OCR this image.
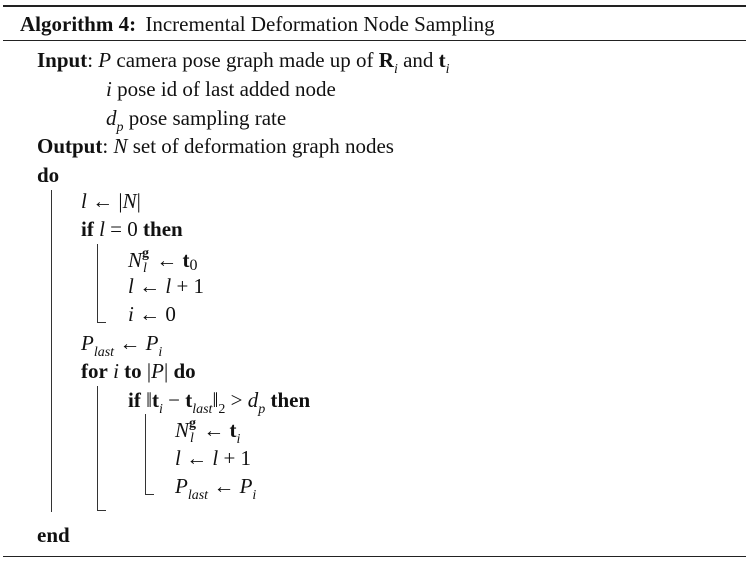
Algorithm 4: Incremental Deformation Node Sampling
Input: P camera pose graph made up of $R_i$ and $t_i$
i pose id of last added node
$d_p$ pose sampling rate
Output: N set of deformation graph nodes
do
l ← |N|
if l = 0 then
N g
l ← $t_0$
l ← l + 1
i ← 0
$P_{last}$ ← $P_i$
for i to |P| do
if $‖t_i$ − $t_{last}‖_2 > d_p$ then
N g
l ← $t_i$
l ← l + 1
$P_{last}$ ← $P_i$
end
